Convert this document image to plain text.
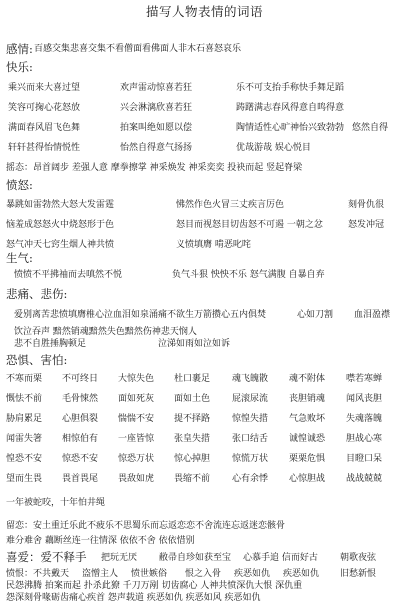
描写人物表情的词语
感情: 百感交集悲喜交集不看僧面看佛面人非木石喜怒哀乐
快乐:
乘兴而来大喜过望	欢声雷动惊喜若狂	乐不可支抬手称快手舞足蹈
笑容可掬心花怒放	兴会淋漓欣喜若狂	踌躇满志春风得意自鸣得意
满面春风眉飞色舞	拍案叫绝如愿以偿	陶情适性心旷神怡兴致勃勃 悠然自得
轩轩甚得怡情悦性	怡然自得意气扬扬	优哉游哉 娱心悦目
摇态：昂首阔步 差强人意 摩拳擦掌 神采焕发 神采奕奕 投袂而起 竖起脊梁
愤怒:
暴跳如雷勃然大怒大发雷霆	怫然作色火冒三丈疾言厉色	刻骨仇很
恼羞成怒怒火中烧怒形于色	怒目而视怒目切齿怒不可遏 一朝之忿	怒发冲冠
怒气冲天七窍生烟人神共愤	义愤填膺 啃恶叱咤
生气:
愤愤不平拂袖而去嗔然不悦	负气斗狠 怏怏不乐 怒气满腹 自暴自弃
悲痛、悲伤:
爱别离苦悲愤填膺椎心泣血泪如泉涌痛不欲生万箭攒心五内俱焚	心如刀割 血泪盈襟
饮泣吞声 黯然销魂黯然失色黯然伤神悲天悯人
悲不自胜捶胸顿足	泣涕如雨如泣如诉
恐惧、害怕:
不寒而栗 不可终日 大惊失色 杜口裹足 魂飞魄散 魂不附体 噤若寒蝉
慨怯不前 毛骨悚然 面如死灰 面如土色 屁滚尿流 丧胆销魂 闻风丧胆
胁肩累足 心胆俱裂 惴惴不安 提不择路 惊惶失措 气急败坏 失魂落魄
闻雷失箸 相惊伯有 一座皆惊 张皇失措 张口结舌 诚惶诚恐 胆战心寒
惶恐不安 惊恐不安 惊恐万状 惊心掉胆 惊慌万状 栗栗危惧 目瞪口呆
望而生畏 畏首畏尾 畏敌如虎 畏缩不前 心有余悸 心惊胆战 战战兢兢
一年被蛇咬，十年怕井绳
留恋：安土重迁乐此不疲乐不思蜀乐而忘返恋恋不舍流连忘返迷恋骸骨
难分难舍 藕断丝连一往情深 依依不舍 依依惜别
喜爱：爱不释手 把玩无厌 敝帚自珍如获至宝 心慕手追 信而好古 朝歌夜弦
愤恨：不共戴天 盗憎主人 愤世嫉俗 恨之入骨 疾恶如仇 疾恶如仇 旧愁新恨
民怨沸腾 拍案而起 扑杀此獠 千刀万剐 切齿腐心 人神共愤深仇大恨 深仇重
怨深刻骨喙砺齿痛心疾首 怨声载道 疾恶如仇 疾恶如风 疾恶如仇
